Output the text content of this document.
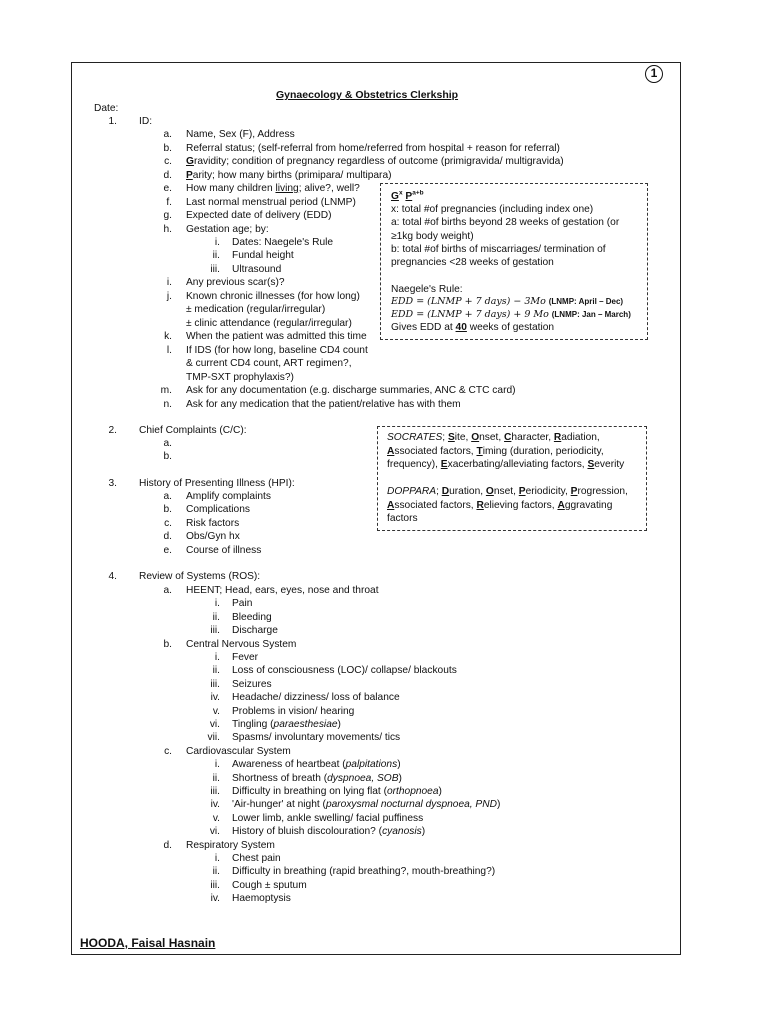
1
Gynaecology & Obstetrics Clerkship
Date:
1. ID:
a. Name, Sex (F), Address
b. Referral status; (self-referral from home/referred from hospital + reason for referral)
c. Gravidity; condition of pregnancy regardless of outcome (primigravida/ multigravida)
d. Parity; how many births (primipara/ multipara)
e. How many children living; alive?, well?
f. Last normal menstrual period (LNMP)
g. Expected date of delivery (EDD)
h. Gestation age; by:
i. Any previous scar(s)?
j. Known chronic illnesses (for how long)
± medication (regular/irregular)
± clinic attendance (regular/irregular)
k. When the patient was admitted this time
l. If IDS (for how long, baseline CD4 count
& current CD4 count, ART regimen?,
TMP-SXT prophylaxis?)
m. Ask for any documentation (e.g. discharge summaries, ANC & CTC card)
n. Ask for any medication that the patient/relative has with them
i. Dates: Naegele's Rule
ii. Fundal height
iii. Ultrasound
2. Chief Complaints (C/C):
a.
b.
3. History of Presenting Illness (HPI):
a. Amplify complaints
b. Complications
c. Risk factors
d. Obs/Gyn hx
e. Course of illness
4. Review of Systems (ROS):
a. HEENT; Head, ears, eyes, nose and throat
i. Pain
ii. Bleeding
iii. Discharge
b. Central Nervous System
i. Fever
ii. Loss of consciousness (LOC)/ collapse/ blackouts
iii. Seizures
iv. Headache/ dizziness/ loss of balance
v. Problems in vision/ hearing
vi. Tingling (paraesthesiae)
vii. Spasms/ involuntary movements/ tics
c. Cardiovascular System
i. Awareness of heartbeat (palpitations)
ii. Shortness of breath (dyspnoea, SOB)
iii. Difficulty in breathing on lying flat (orthopnoea)
iv. 'Air-hunger' at night (paroxysmal nocturnal dyspnoea, PND)
v. Lower limb, ankle swelling/ facial puffiness
vi. History of bluish discolouration? (cyanosis)
d. Respiratory System
i. Chest pain
ii. Difficulty in breathing (rapid breathing?, mouth-breathing?)
iii. Cough ± sputum
iv. Haemoptysis
$G^x$ $P^{a+b}$
x: total #of pregnancies (including index one)
a: total #of births beyond 28 weeks of gestation (or
≥1kg body weight)
b: total #of births of miscarriages/ termination of
pregnancies <28 weeks of gestation
Naegele's Rule:
EDD = (LNMP + 7 days) − 3Mo (LNMP: April – Dec)
EDD = (LNMP + 7 days) + 9 Mo (LNMP: Jan – March)
Gives EDD at 40 weeks of gestation
SOCRATES; Site, Onset, Character, Radiation,
Associated factors, Timing (duration, periodicity,
frequency), Exacerbating/alleviating factors, Severity
DOPPARA; Duration, Onset, Periodicity, Progression,
Associated factors, Relieving factors, Aggravating
factors
HOODA, Faisal Hasnain
